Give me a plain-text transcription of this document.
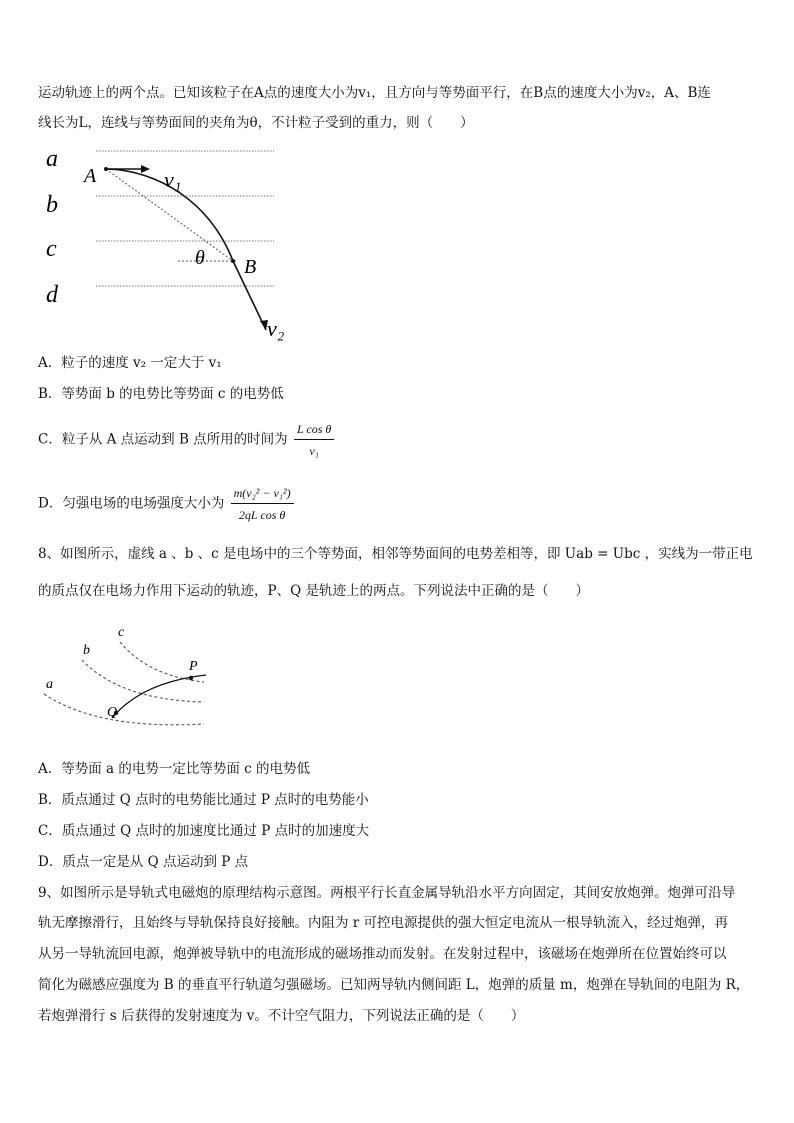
运动轨迹上的两个点。已知该粒子在A点的速度大小为v₁，且方向与等势面平行，在B点的速度大小为v₂，A、B连
线长为L，连线与等势面间的夹角为θ，不计粒子受到的重力，则（　　）
a
b
c
d
A
B
v₁
v₂
θ
A．粒子的速度 v₂ 一定大于 v₁
B．等势面 b 的电势比等势面 c 的电势低
C．粒子从 A 点运动到 B 点所用的时间为 $\frac{\text{L cos θ}}{\text{v₁}}$
D．匀强电场的电场强度大小为 $\frac{\text{m(v₂² − v₁²)}}{\text{2qL cos θ}}$
8、如图所示，虚线 a 、b 、c 是电场中的三个等势面，相邻等势面间的电势差相等，即 Uab = Ubc ，实线为一带正电
的质点仅在电场力作用下运动的轨迹，P、Q 是轨迹上的两点。下列说法中正确的是（　　）
a
b
c
P
Q
A．等势面 a 的电势一定比等势面 c 的电势低
B．质点通过 Q 点时的电势能比通过 P 点时的电势能小
C．质点通过 Q 点时的加速度比通过 P 点时的加速度大
D．质点一定是从 Q 点运动到 P 点
9、如图所示是导轨式电磁炮的原理结构示意图。两根平行长直金属导轨沿水平方向固定，其间安放炮弹。炮弹可沿导
轨无摩擦滑行，且始终与导轨保持良好接触。内阻为 r 可控电源提供的强大恒定电流从一根导轨流入，经过炮弹，再
从另一导轨流回电源，炮弹被导轨中的电流形成的磁场推动而发射。在发射过程中，该磁场在炮弹所在位置始终可以
简化为磁感应强度为 B 的垂直平行轨道匀强磁场。已知两导轨内侧间距 L，炮弹的质量 m，炮弹在导轨间的电阻为 R，
若炮弹滑行 s 后获得的发射速度为 v。不计空气阻力，下列说法正确的是（　　）
